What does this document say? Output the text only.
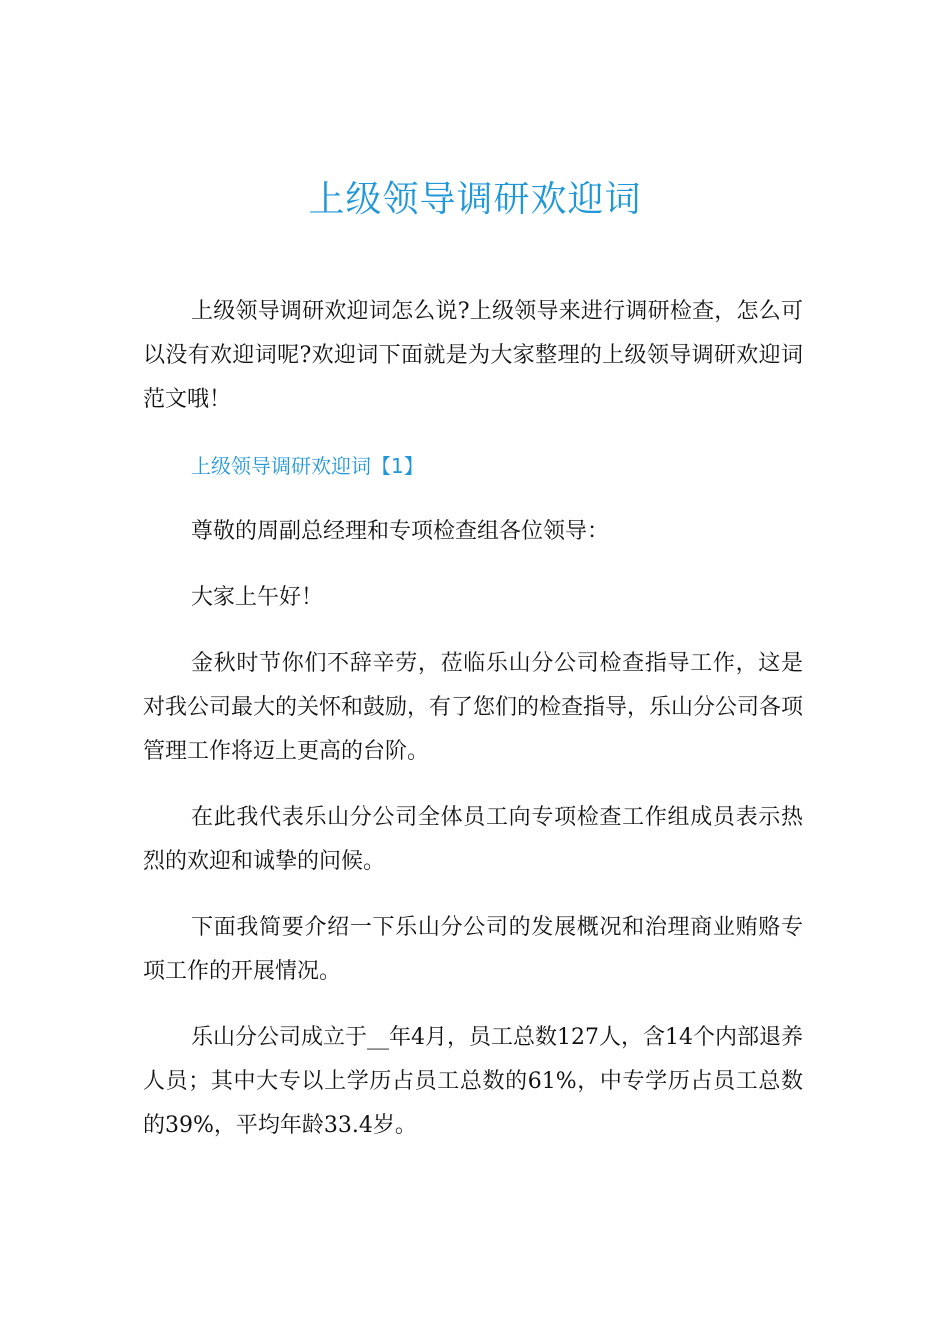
上级领导调研欢迎词

上级领导调研欢迎词怎么说?上级领导来进行调研检查，怎么可以没有欢迎词呢?欢迎词下面就是为大家整理的上级领导调研欢迎词范文哦！

上级领导调研欢迎词【1】

尊敬的周副总经理和专项检查组各位领导：

大家上午好！

金秋时节你们不辞辛劳，莅临乐山分公司检查指导工作，这是对我公司最大的关怀和鼓励，有了您们的检查指导，乐山分公司各项管理工作将迈上更高的台阶。

在此我代表乐山分公司全体员工向专项检查工作组成员表示热烈的欢迎和诚挚的问候。

下面我简要介绍一下乐山分公司的发展概况和治理商业贿赂专项工作的开展情况。

乐山分公司成立于__年4月，员工总数127人，含14个内部退养人员；其中大专以上学历占员工总数的61%，中专学历占员工总数的39%，平均年龄33.4岁。
